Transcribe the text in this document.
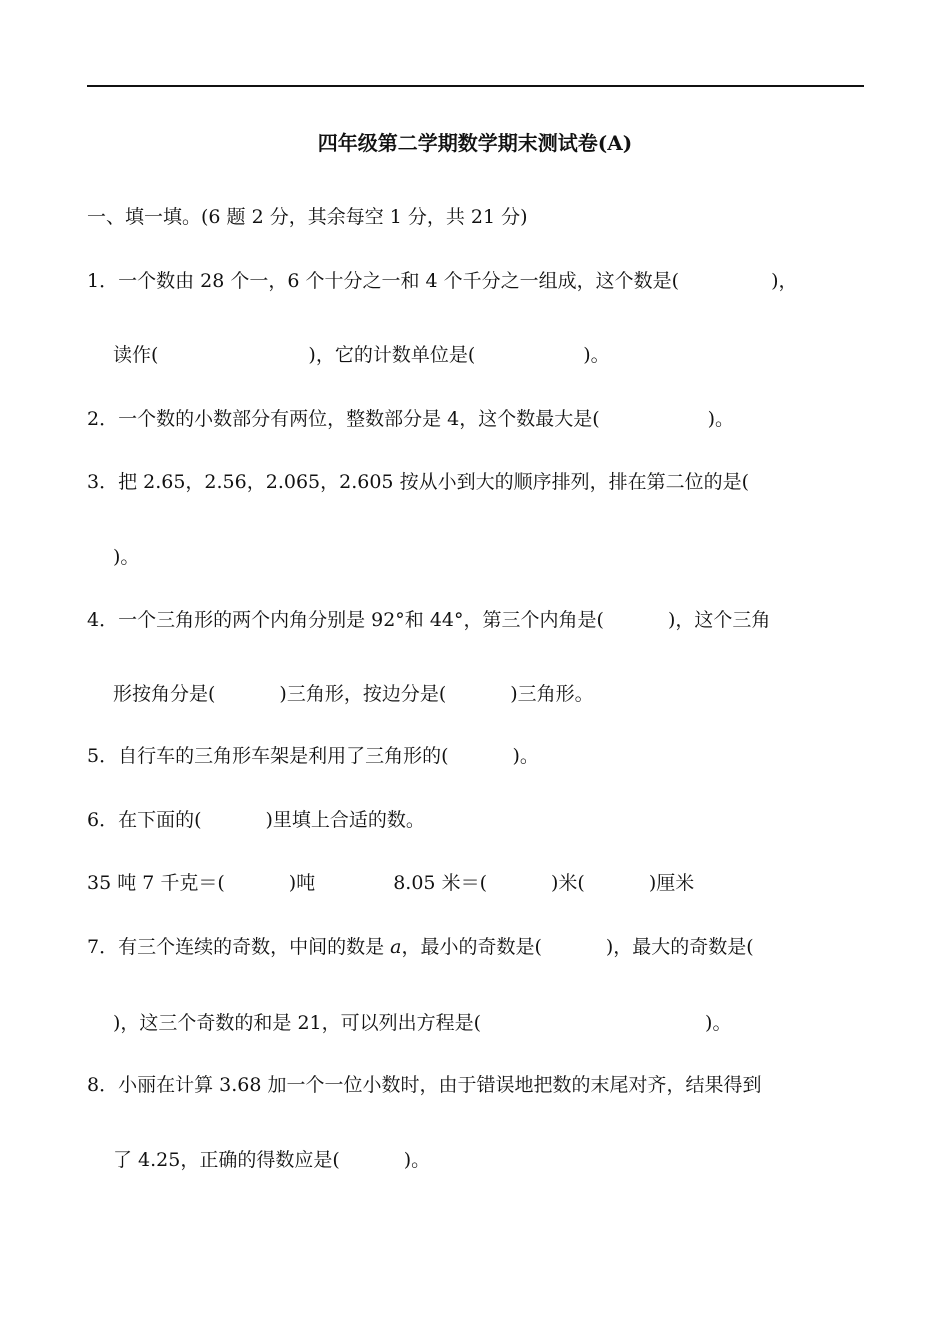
四年级第二学期数学期末测试卷(A)
一、填一填。(6 题 2 分，其余每空 1 分，共 21 分)
1．一个数由 28 个一，6 个十分之一和 4 个千分之一组成，这个数是(	)，
读作(	)，它的计数单位是(	)。
2．一个数的小数部分有两位，整数部分是 4，这个数最大是(	)。
3．把 2.65，2.56，2.065，2.605 按从小到大的顺序排列，排在第二位的是(
)。
4．一个三角形的两个内角分别是 92°和 44°，第三个内角是(	)，这个三角
形按角分是(	)三角形，按边分是(	)三角形。
5．自行车的三角形车架是利用了三角形的(	)。
6．在下面的(	)里填上合适的数。
35 吨 7 千克＝(	)吨	8.05 米＝(	)米(	)厘米
7．有三个连续的奇数，中间的数是 a，最小的奇数是(	)，最大的奇数是(
)，这三个奇数的和是 21，可以列出方程是(	)。
8．小丽在计算 3.68 加一个一位小数时，由于错误地把数的末尾对齐，结果得到
了 4.25，正确的得数应是(	)。
